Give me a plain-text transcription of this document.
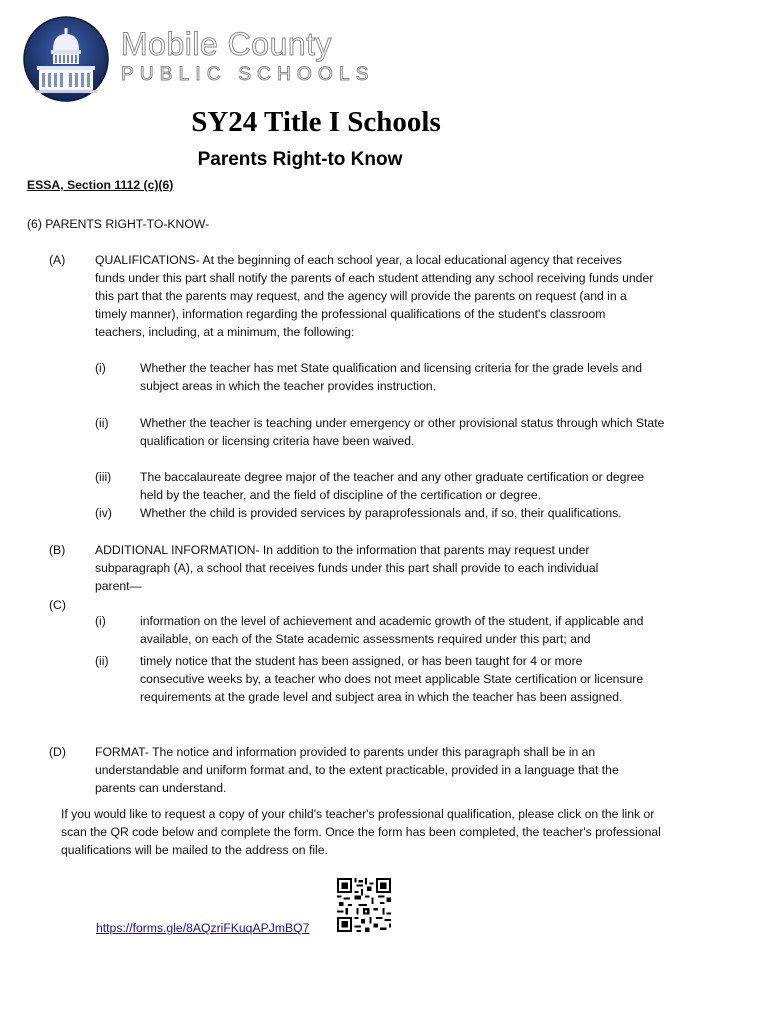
Mobile County
PUBLIC SCHOOLS
SY24 Title I Schools
Parents Right-to Know
ESSA, Section 1112 (c)(6)
(6) PARENTS RIGHT-TO-KNOW-
(A) QUALIFICATIONS- At the beginning of each school year, a local educational agency that receives funds under this part shall notify the parents of each student attending any school receiving funds under this part that the parents may request, and the agency will provide the parents on request (and in a timely manner), information regarding the professional qualifications of the student's classroom teachers, including, at a minimum, the following:
(i)	Whether the teacher has met State qualification and licensing criteria for the grade levels and subject areas in which the teacher provides instruction.
(ii)	Whether the teacher is teaching under emergency or other provisional status through which State qualification or licensing criteria have been waived.
(iii) The baccalaureate degree major of the teacher and any other graduate certification or degree held by the teacher, and the field of discipline of the certification or degree.
(iv) Whether the child is provided services by paraprofessionals and, if so, their qualifications.
(B) ADDITIONAL INFORMATION- In addition to the information that parents may request under subparagraph (A), a school that receives funds under this part shall provide to each individual parent—
(C)
(i)	information on the level of achievement and academic growth of the student, if applicable and available, on each of the State academic assessments required under this part; and
(ii)	timely notice that the student has been assigned, or has been taught for 4 or more consecutive weeks by, a teacher who does not meet applicable State certification or licensure requirements at the grade level and subject area in which the teacher has been assigned.
(D) FORMAT- The notice and information provided to parents under this paragraph shall be in an understandable and uniform format and, to the extent practicable, provided in a language that the parents can understand.
If you would like to request a copy of your child's teacher's professional qualification, please click on the link or scan the QR code below and complete the form. Once the form has been completed, the teacher's professional qualifications will be mailed to the address on file.
https://forms.gle/8AQzriFKuqAPJmBQ7
